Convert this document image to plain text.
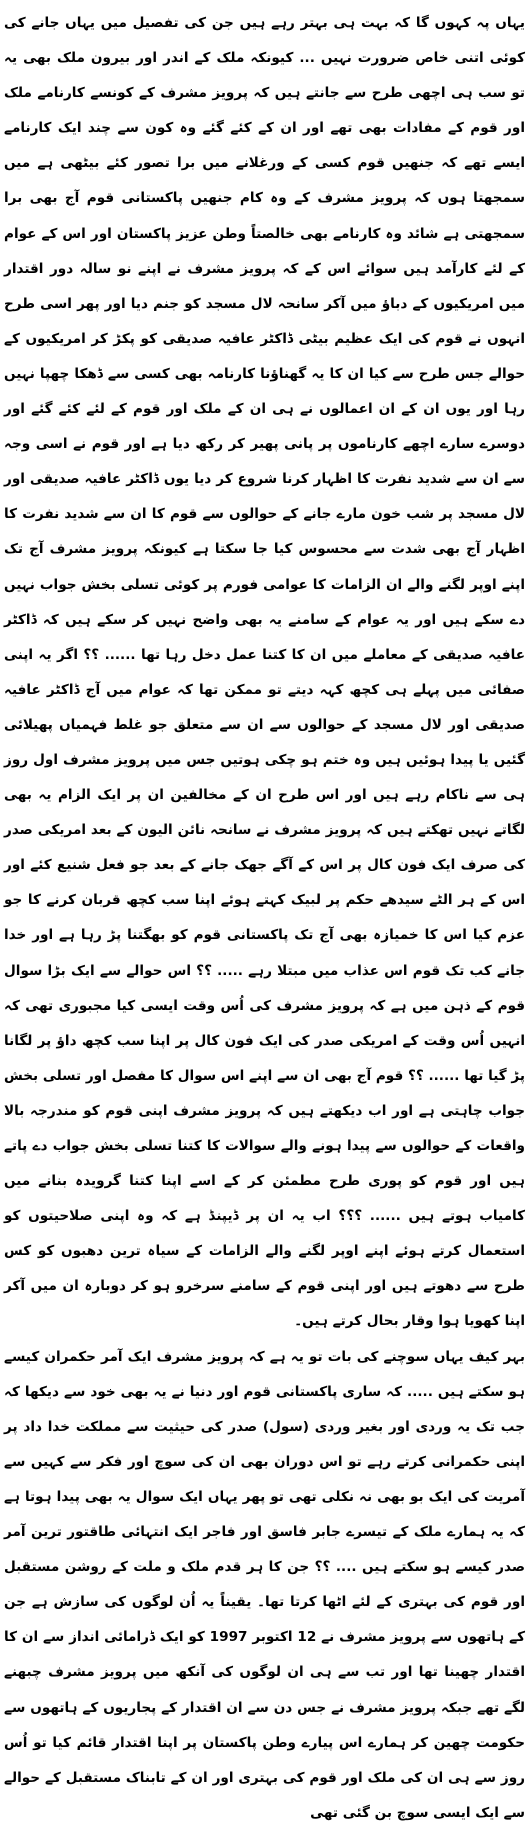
یہاں پہ کہوں گا کہ بہت ہی بہتر رہے ہیں جن کی تفصیل میں یہاں جانے کی کوئی اتنی خاص ضرورت نہیں ... کیونکہ ملک کے اندر اور بیرون ملک بھی یہ تو سب ہی اچھی طرح سے جانتے ہیں کہ پرویز مشرف کے کونسے کارنامے ملک اور قوم کے مفادات بھی تھے اور ان کے کئے گئے وہ کون سے چند ایک کارنامے ایسے تھے کہ جنھیں قوم کسی کے ورغلانے میں برا تصور کئے بیٹھی ہے میں سمجھتا ہوں کہ پرویز مشرف کے وہ کام جنھیں پاکستانی قوم آج بھی برا سمجھتی ہے شائد وہ کارنامے بھی خالصتاً وطن عزیز پاکستان اور اس کے عوام کے لئے کارآمد ہیں سوائے اس کے کہ پرویز مشرف نے اپنے نو سالہ دور اقتدار میں امریکیوں کے دباؤ میں آکر سانحہ لال مسجد کو جنم دیا اور پھر اسی طرح انہوں نے قوم کی ایک عظیم بیٹی ڈاکٹر عافیہ صدیقی کو پکڑ کر امریکیوں کے حوالے جس طرح سے کیا ان کا یہ گھناؤنا کارنامہ بھی کسی سے ڈھکا چھپا نہیں رہا اور یوں ان کے ان اعمالوں نے ہی ان کے ملک اور قوم کے لئے کئے گئے اور دوسرے سارے اچھے کارناموں پر پانی پھیر کر رکھ دیا ہے اور قوم نے اسی وجہ سے ان سے شدید نفرت کا اظہار کرنا شروع کر دیا یوں ڈاکٹر عافیہ صدیقی اور لال مسجد پر شب خون مارے جانے کے حوالوں سے قوم کا ان سے شدید نفرت کا اظہار آج بھی شدت سے محسوس کیا جا سکتا ہے کیونکہ پرویز مشرف آج تک اپنے اوپر لگنے والے ان الزامات کا عوامی فورم پر کوئی تسلی بخش جواب نہیں دے سکے ہیں اور یہ عوام کے سامنے یہ بھی واضح نہیں کر سکے ہیں کہ ڈاکٹر عافیہ صدیقی کے معاملے میں ان کا کتنا عمل دخل رہا تھا ...... ؟؟ اگر یہ اپنی صفائی میں پہلے ہی کچھ کہہ دیتے تو ممکن تھا کہ عوام میں آج ڈاکٹر عافیہ صدیقی اور لال مسجد کے حوالوں سے ان سے متعلق جو غلط فہمیاں پھیلائی گئیں یا پیدا ہوئیں ہیں وہ ختم ہو چکی ہوتیں جس میں پرویز مشرف اول روز ہی سے ناکام رہے ہیں اور اس طرح ان کے مخالفین ان پر ایک الزام یہ بھی لگاتے نہیں تھکتے ہیں کہ پرویز مشرف نے سانحہ نائن الیون کے بعد امریکی صدر کی صرف ایک فون کال پر اس کے آگے جھک جانے کے بعد جو فعل شنیع کئے اور اس کے ہر الٹے سیدھے حکم پر لبیک کہتے ہوئے اپنا سب کچھ قربان کرنے کا جو عزم کیا اس کا خمیازہ بھی آج تک پاکستانی قوم کو بھگتنا پڑ رہا ہے اور خدا جانے کب تک قوم اس عذاب میں مبتلا رہے ..... ؟؟ اس حوالے سے ایک بڑا سوال قوم کے ذہن میں ہے کہ پرویز مشرف کی اُس وقت ایسی کیا مجبوری تھی کہ انہیں اُس وقت کے امریکی صدر کی ایک فون کال پر اپنا سب کچھ داؤ پر لگانا پڑ گیا تھا ...... ؟؟ قوم آج بھی ان سے اپنے اس سوال کا مفصل اور تسلی بخش جواب چاہتی ہے اور اب دیکھتے ہیں کہ پرویز مشرف اپنی قوم کو مندرجہ بالا واقعات کے حوالوں سے پیدا ہونے والے سوالات کا کتنا تسلی بخش جواب دے پاتے ہیں اور قوم کو پوری طرح مطمئن کر کے اسے اپنا کتنا گرویدہ بنانے میں کامیاب ہوتے ہیں ...... ؟؟؟ اب یہ ان پر ڈیپنڈ ہے کہ وہ اپنی صلاحیتوں کو استعمال کرتے ہوئے اپنے اوپر لگنے والے الزامات کے سیاہ ترین دھبوں کو کس طرح سے دھوتے ہیں اور اپنی قوم کے سامنے سرخرو ہو کر دوبارہ ان میں آکر اپنا کھویا ہوا وقار بحال کرتے ہیں۔

بہر کیف یہاں سوچنے کی بات تو یہ ہے کہ پرویز مشرف ایک آمر حکمران کیسے ہو سکتے ہیں ..... کہ ساری پاکستانی قوم اور دنیا نے یہ بھی خود سے دیکھا کہ جب تک یہ وردی اور بغیر وردی (سول) صدر کی حیثیت سے مملکت خدا داد پر اپنی حکمرانی کرتے رہے تو اس دوران بھی ان کی سوچ اور فکر سے کہیں سے آمریت کی ایک بو بھی نہ نکلی تھی تو پھر یہاں ایک سوال یہ بھی پیدا ہوتا ہے کہ یہ ہمارے ملک کے تیسرے جابر فاسق اور فاجر ایک انتہائی طاقتور ترین آمر صدر کیسے ہو سکتے ہیں .... ؟؟ جن کا ہر قدم ملک و ملت کے روشن مستقبل اور قوم کی بہتری کے لئے اٹھا کرتا تھا۔ یقیناً یہ اُن لوگوں کی سازش ہے جن کے ہاتھوں سے پرویز مشرف نے 12 اکتوبر 1997 کو ایک ڈرامائی انداز سے ان کا اقتدار چھینا تھا اور تب سے ہی ان لوگوں کی آنکھ میں پرویز مشرف چبھنے لگے تھے جبکہ پرویز مشرف نے جس دن سے ان اقتدار کے پجاریوں کے ہاتھوں سے حکومت چھین کر ہمارے اس پیارے وطن پاکستان پر اپنا اقتدار قائم کیا تو اُس روز سے ہی ان کی ملک اور قوم کی بہتری اور ان کے تابناک مستقبل کے حوالے سے ایک ایسی سوچ بن گئی تھی
